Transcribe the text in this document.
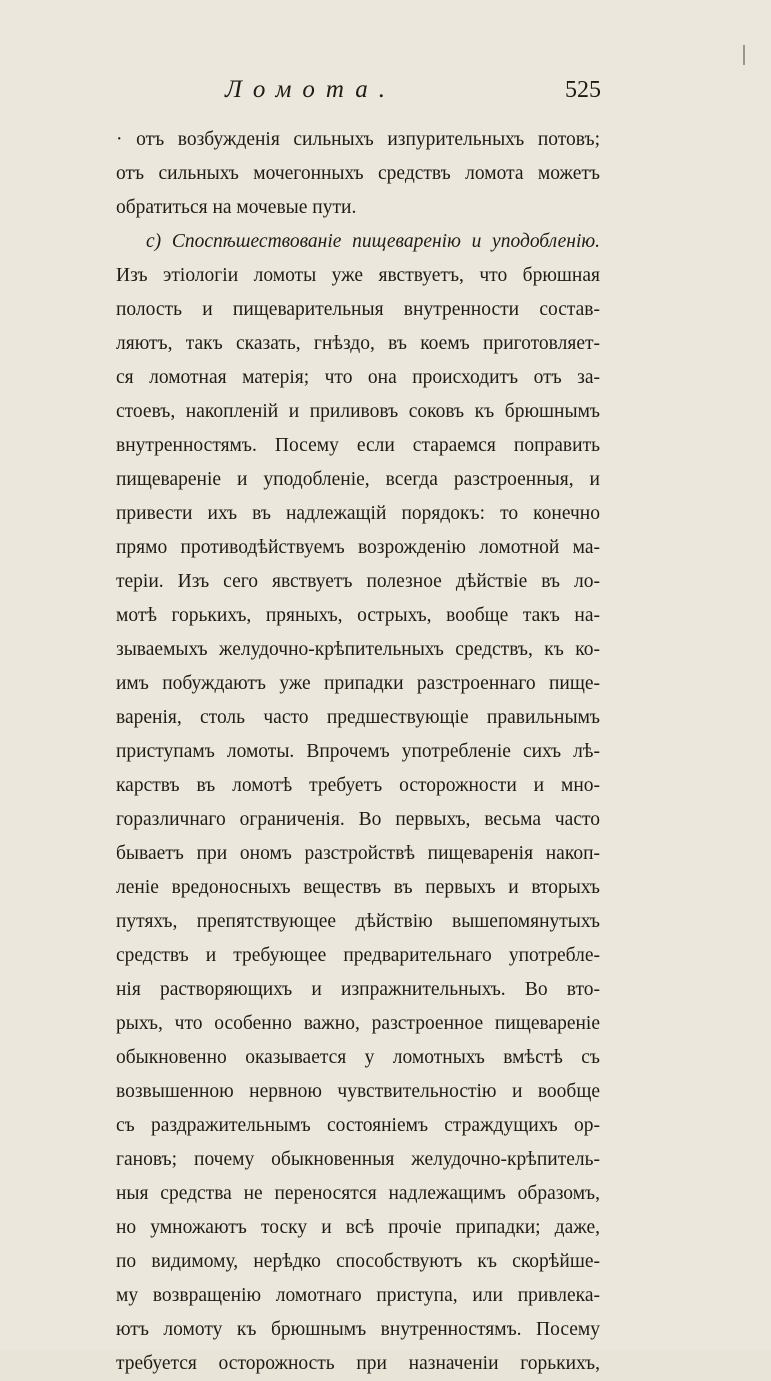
Ломота.	525
· отъ возбужденія сильныхъ изпурительныхъ потовъ;
отъ сильныхъ мочегонныхъ средствъ ломота можетъ
обратиться на мочевые пути.
c) Споспѣшествованіе пищеваренію и уподобленію.
Изъ этіологіи ломоты уже явствуетъ, что брюшная
полость и пищеварительныя внутренности состав-
ляютъ, такъ сказать, гнѣздо, въ коемъ приготовляет-
ся ломотная матерія; что она происходитъ отъ за-
стоевъ, накопленій и приливовъ соковъ къ брюшнымъ
внутренностямъ. Посему если стараемся поправить
пищевареніе и уподобленіе, всегда разстроенныя, и
привести ихъ въ надлежащій порядокъ: то конечно
прямо противодѣйствуемъ возрожденію ломотной ма-
теріи. Изъ сего явствуетъ полезное дѣйствіе въ ло-
мотѣ горькихъ, пряныхъ, острыхъ, вообще такъ на-
зываемыхъ желудочно-крѣпительныхъ средствъ, къ ко-
имъ побуждаютъ уже припадки разстроеннаго пище-
варенія, столь часто предшествующіе правильнымъ
приступамъ ломоты. Впрочемъ употребленіе сихъ лѣ-
карствъ въ ломотѣ требуетъ осторожности и мно-
горазличнаго ограниченія. Во первыхъ, весьма часто
бываетъ при ономъ разстройствѣ пищеваренія накоп-
леніе вредоносныхъ веществъ въ первыхъ и вторыхъ
путяхъ, препятствующее дѣйствію вышепомянутыхъ
средствъ и требующее предварительнаго употребле-
нія растворяющихъ и изпражнительныхъ. Во вто-
рыхъ, что особенно важно, разстроенное пищевареніе
обыкновенно оказывается у ломотныхъ вмѣстѣ съ
возвышенною нервною чувствительностію и вообще
съ раздражительнымъ состояніемъ страждущихъ ор-
гановъ; почему обыкновенныя желудочно-крѣпитель-
ныя средства не переносятся надлежащимъ образомъ,
но умножаютъ тоску и всѣ прочіе припадки; даже,
по видимому, нерѣдко способствуютъ къ скорѣйше-
му возвращенію ломотнаго приступа, или привлека-
ютъ ломоту къ брюшнымъ внутренностямъ. Посему
требуется осторожность при назначеніи горькихъ,
